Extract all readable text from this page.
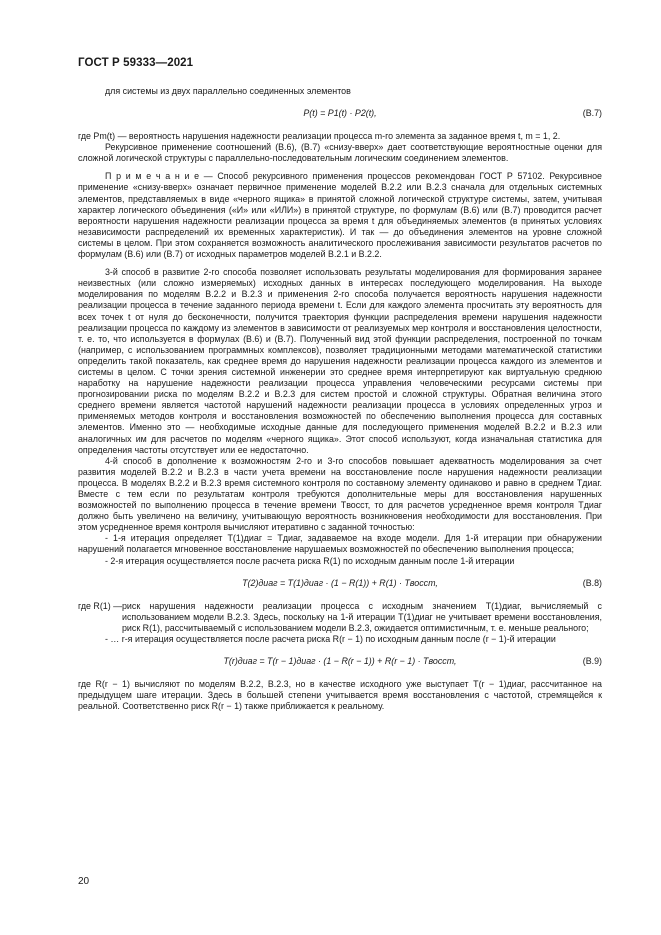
ГОСТ Р 59333—2021

для системы из двух параллельно соединенных элементов

P(t) = P1(t) · P2(t),	(В.7)

где Pm(t) — вероятность нарушения надежности реализации процесса m-го элемента за заданное время t, m = 1, 2.

Рекурсивное применение соотношений (В.6), (В.7) «снизу-вверх» дает соответствующие вероятностные оценки для сложной логической структуры с параллельно-последовательным логическим соединением элементов.

П р и м е ч а н и е — Способ рекурсивного применения процессов рекомендован ГОСТ Р 57102. Рекурсивное применение «снизу-вверх» означает первичное применение моделей В.2.2 или В.2.3 сначала для отдельных системных элементов, представляемых в виде «черного ящика» в принятой сложной логической структуре системы, затем, учитывая характер логического объединения («И» или «ИЛИ») в принятой структуре, по формулам (В.6) или (В.7) проводится расчет вероятности нарушения надежности реализации процесса за время t для объединяемых элементов (в принятых условиях независимости распределений их временных характеристик). И так — до объединения элементов на уровне сложной системы в целом. При этом сохраняется возможность аналитического прослеживания зависимости результатов расчетов по формулам (В.6) или (В.7) от исходных параметров моделей В.2.1 и В.2.2.

3-й способ в развитие 2-го способа позволяет использовать результаты моделирования для формирования заранее неизвестных (или сложно измеряемых) исходных данных в интересах последующего моделирования. На выходе моделирования по моделям В.2.2 и В.2.3 и применения 2-го способа получается вероятность нарушения надежности реализации процесса в течение заданного периода времени t. Если для каждого элемента просчитать эту вероятность для всех точек t от нуля до бесконечности, получится траектория функции распределения времени нарушения надежности реализации процесса по каждому из элементов в зависимости от реализуемых мер контроля и восстановления целостности, т. е. то, что используется в формулах (В.6) и (В.7). Полученный вид этой функции распределения, построенной по точкам (например, с использованием программных комплексов), позволяет традиционными методами математической статистики определить такой показатель, как среднее время до нарушения надежности реализации процесса каждого из элементов и системы в целом. С точки зрения системной инженерии это среднее время интерпретируют как виртуальную среднюю наработку на нарушение надежности реализации процесса управления человеческими ресурсами системы при прогнозировании риска по моделям В.2.2 и В.2.3 для систем простой и сложной структуры. Обратная величина этого среднего времени является частотой нарушений надежности реализации процесса в условиях определенных угроз и применяемых методов контроля и восстановления возможностей по обеспечению выполнения процесса для составных элементов. Именно это — необходимые исходные данные для последующего применения моделей В.2.2 и В.2.3 или аналогичных им для расчетов по моделям «черного ящика». Этот способ используют, когда изначальная статистика для определения частоты отсутствует или ее недостаточно.

4-й способ в дополнение к возможностям 2-го и 3-го способов повышает адекватность моделирования за счет развития моделей В.2.2 и В.2.3 в части учета времени на восстановление после нарушения надежности реализации процесса. В моделях В.2.2 и В.2.3 время системного контроля по составному элементу одинаково и равно в среднем Tдиаг. Вместе с тем если по результатам контроля требуются дополнительные меры для восстановления нарушенных возможностей по выполнению процесса в течение времени Tвосст, то для расчетов усредненное время контроля Tдиаг должно быть увеличено на величину, учитывающую вероятность возникновения необходимости для восстановления. При этом усредненное время контроля вычисляют итеративно с заданной точностью:

- 1-я итерация определяет T(1)диаг = Tдиаг, задаваемое на входе модели. Для 1-й итерации при обнаружении нарушений полагается мгновенное восстановление нарушаемых возможностей по обеспечению выполнения процесса;

- 2-я итерация осуществляется после расчета риска R(1) по исходным данным после 1-й итерации

T(2)диаг = T(1)диаг · (1 − R(1)) + R(1) · Tвосст,	(В.8)
где R(1) — риск нарушения надежности реализации процесса с исходным значением T(1)диаг, вычисляемый с использованием модели В.2.3. Здесь, поскольку на 1-й итерации T(1)диаг не учитывает времени восстановления, риск R(1), рассчитываемый с использованием модели В.2.3, ожидается оптимистичным, т. е. меньше реального;

- … r-я итерация осуществляется после расчета риска R(r − 1) по исходным данным после (r − 1)-й итерации

T(r)диаг = T(r − 1)диаг · (1 − R(r − 1)) + R(r − 1) · Tвосст,	(В.9)

где R(r − 1) вычисляют по моделям В.2.2, В.2.3, но в качестве исходного уже выступает T(r − 1)диаг, рассчитанное на предыдущем шаге итерации. Здесь в большей степени учитывается время восстановления с частотой, стремящейся к реальной. Соответственно риск R(r − 1) также приближается к реальному.

20
